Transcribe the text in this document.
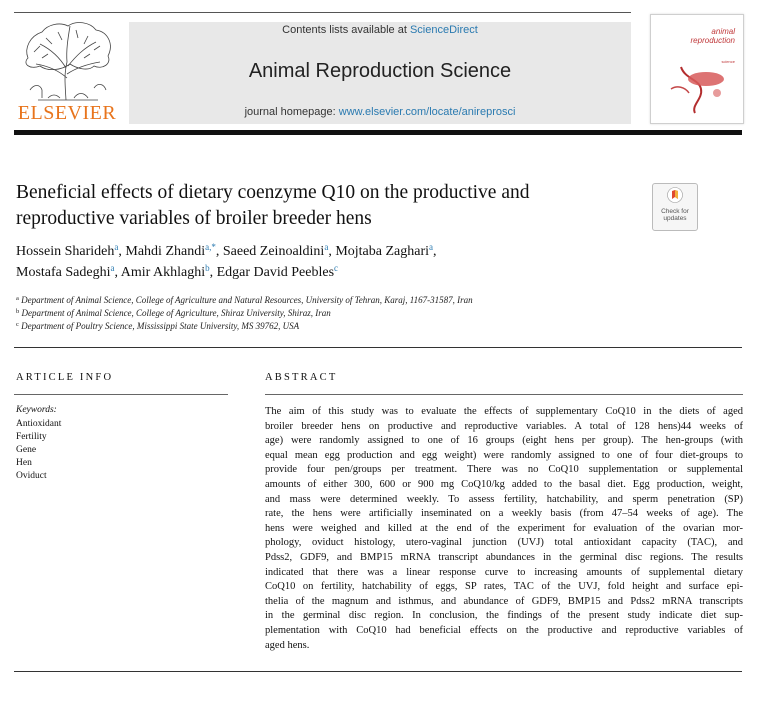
ELSEVIER
Contents lists available at ScienceDirect
Animal Reproduction Science
journal homepage: www.elsevier.com/locate/anireprosci
animal
reproduction
science
Beneficial effects of dietary coenzyme Q10 on the productive and
reproductive variables of broiler breeder hens	Check for
updates
Hossein Sharideh$^a$, Mahdi Zhandi$^{a,*}$, Saeed Zeinoaldini$^a$, Mojtaba Zaghari$^a$,
Mostafa Sadeghi$^a$, Amir Akhlaghi$^b$, Edgar David Peebles$^c$
$^a$ Department of Animal Science, College of Agriculture and Natural Resources, University of Tehran, Karaj, 1167-31587, Iran
$^b$ Department of Animal Science, College of Agriculture, Shiraz University, Shiraz, Iran
$^c$ Department of Poultry Science, Mississippi State University, MS 39762, USA
ARTICLE INFO	ABSTRACT
Keywords:
Antioxidant
Fertility
Gene
Hen
Oviduct
The aim of this study was to evaluate the effects of supplementary CoQ10 in the diets of aged
broiler breeder hens on productive and reproductive variables. A total of 128 hens)44 weeks of
age) were randomly assigned to one of 16 groups (eight hens per group). The hen-groups (with
equal mean egg production and egg weight) were randomly assigned to one of four diet-groups to
provide four pen/groups per treatment. There was no CoQ10 supplementation or supplemental
amounts of either 300, 600 or 900 mg CoQ10/kg added to the basal diet. Egg production, weight,
and mass were determined weekly. To assess fertility, hatchability, and sperm penetration (SP)
rate, the hens were artificially inseminated on a weekly basis (from 47–54 weeks of age). The
hens were weighed and killed at the end of the experiment for evaluation of the ovarian mor-
phology, oviduct histology, utero-vaginal junction (UVJ) total antioxidant capacity (TAC), and
Pdss2, GDF9, and BMP15 mRNA transcript abundances in the germinal disc regions. The results
indicated that there was a linear response curve to increasing amounts of supplemental dietary
CoQ10 on fertility, hatchability of eggs, SP rates, TAC of the UVJ, fold height and surface epi-
thelia of the magnum and isthmus, and abundance of GDF9, BMP15 and Pdss2 mRNA transcripts
in the germinal disc region. In conclusion, the findings of the present study indicate diet sup-
plementation with CoQ10 had beneficial effects on the productive and reproductive variables of
aged hens.
